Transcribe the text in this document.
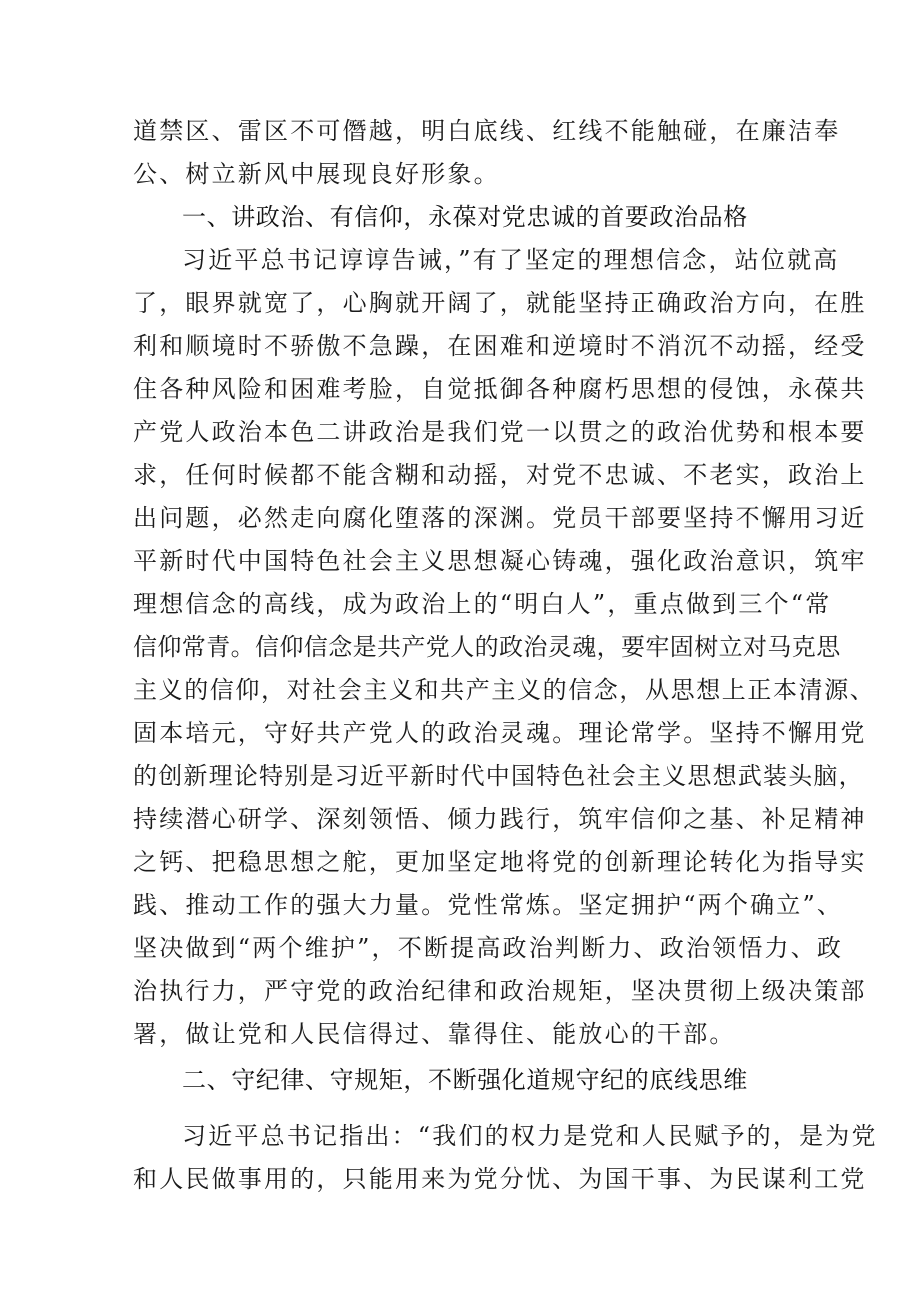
道禁区、雷区不可僭越，明白底线、红线不能触碰，在廉洁奉
公、树立新风中展现良好形象。
一、讲政治、有信仰，永葆对党忠诚的首要政治品格
习近平总书记谆谆告诫，”有了坚定的理想信念，站位就高
了，眼界就宽了，心胸就开阔了，就能坚持正确政治方向，在胜
利和顺境时不骄傲不急躁，在困难和逆境时不消沉不动摇，经受
住各种风险和困难考脸，自觉抵御各种腐朽思想的侵蚀，永葆共
产党人政治本色二讲政治是我们党一以贯之的政治优势和根本要
求，任何时候都不能含糊和动摇，对党不忠诚、不老实，政治上
出问题，必然走向腐化堕落的深渊。党员干部要坚持不懈用习近
平新时代中国特色社会主义思想凝心铸魂，强化政治意识，筑牢
理想信念的高线，成为政治上的“明白人”，重点做到三个“常
信仰常青。信仰信念是共产党人的政治灵魂，要牢固树立对马克思
主义的信仰，对社会主义和共产主义的信念，从思想上正本清源、
固本培元，守好共产党人的政治灵魂。理论常学。坚持不懈用党
的创新理论特别是习近平新时代中国特色社会主义思想武装头脑，
持续潜心研学、深刻领悟、倾力践行，筑牢信仰之基、补足精神
之钙、把稳思想之舵，更加坚定地将党的创新理论转化为指导实
践、推动工作的强大力量。党性常炼。坚定拥护“两个确立”、
坚决做到“两个维护”，不断提高政治判断力、政治领悟力、政
治执行力，严守党的政治纪律和政治规矩，坚决贯彻上级决策部
署，做让党和人民信得过、靠得住、能放心的干部。
二、守纪律、守规矩，不断强化道规守纪的底线思维
习近平总书记指出：“我们的权力是党和人民赋予的，是为党
和人民做事用的，只能用来为党分忧、为国干事、为民谋利工党
